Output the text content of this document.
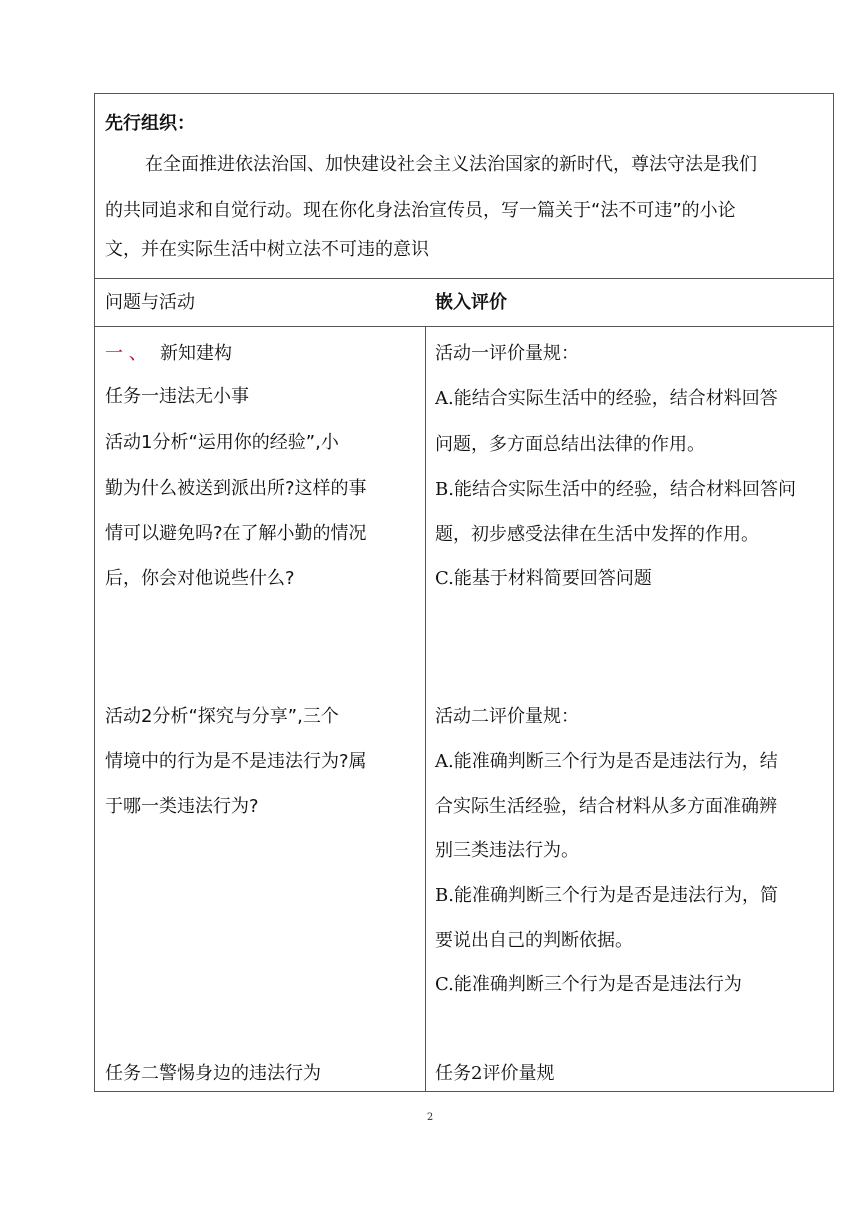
先行组织：
在全面推进依法治国、加快建设社会主义法治国家的新时代，尊法守法是我们
的共同追求和自觉行动。现在你化身法治宣传员，写一篇关于“法不可违”的小论
文，并在实际生活中树立法不可违的意识
问题与活动	嵌入评价
一 、 新知建构
任务一违法无小事
活动1分析“运用你的经验”,小
勤为什么被送到派出所?这样的事
情可以避免吗?在了解小勤的情况
后，你会对他说些什么?
活动2分析“探究与分享”,三个
情境中的行为是不是违法行为?属
于哪一类违法行为?
任务二警惕身边的违法行为
活动一评价量规：
A.能结合实际生活中的经验，结合材料回答
问题，多方面总结出法律的作用。
B.能结合实际生活中的经验，结合材料回答问
题，初步感受法律在生活中发挥的作用。
C.能基于材料简要回答问题
活动二评价量规：
A.能准确判断三个行为是否是违法行为，结
合实际生活经验，结合材料从多方面准确辨
别三类违法行为。
B.能准确判断三个行为是否是违法行为，简
要说出自己的判断依据。
C.能准确判断三个行为是否是违法行为
任务2评价量规
2
